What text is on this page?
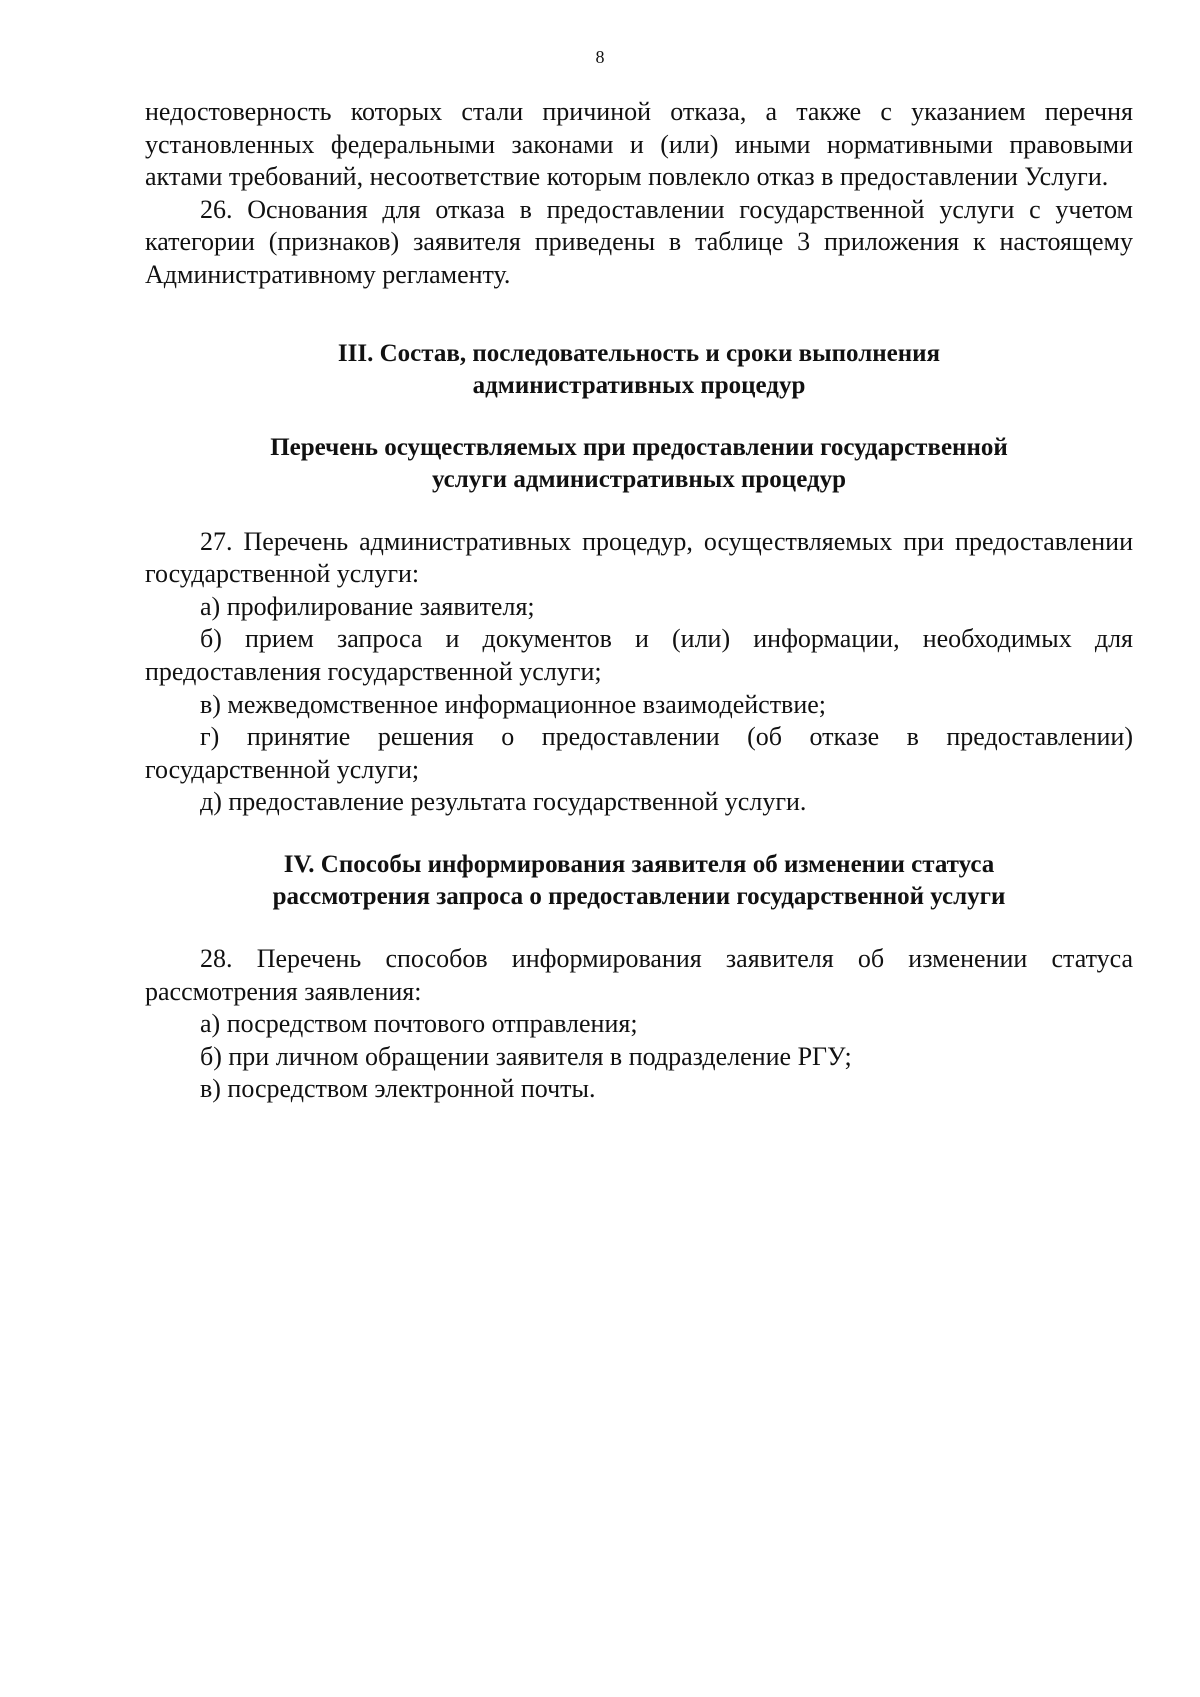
8

недостоверность которых стали причиной отказа, а также с указанием перечня установленных федеральными законами и (или) иными нормативными правовыми актами требований, несоответствие которым повлекло отказ в предоставлении Услуги.

26. Основания для отказа в предоставлении государственной услуги с учетом категории (признаков) заявителя приведены в таблице 3 приложения к настоящему Административному регламенту.

III. Состав, последовательность и сроки выполнения
административных процедур
Перечень осуществляемых при предоставлении государственной
услуги административных процедур

27. Перечень административных процедур, осуществляемых при предоставлении государственной услуги:

а) профилирование заявителя;

б) прием запроса и документов и (или) информации, необходимых для предоставления государственной услуги;

в) межведомственное информационное взаимодействие;

г) принятие решения о предоставлении (об отказе в предоставлении) государственной услуги;

д) предоставление результата государственной услуги.

IV. Способы информирования заявителя об изменении статуса
рассмотрения запроса о предоставлении государственной услуги

28. Перечень способов информирования заявителя об изменении статуса рассмотрения заявления:

а) посредством почтового отправления;

б) при личном обращении заявителя в подразделение РГУ;

в) посредством электронной почты.
